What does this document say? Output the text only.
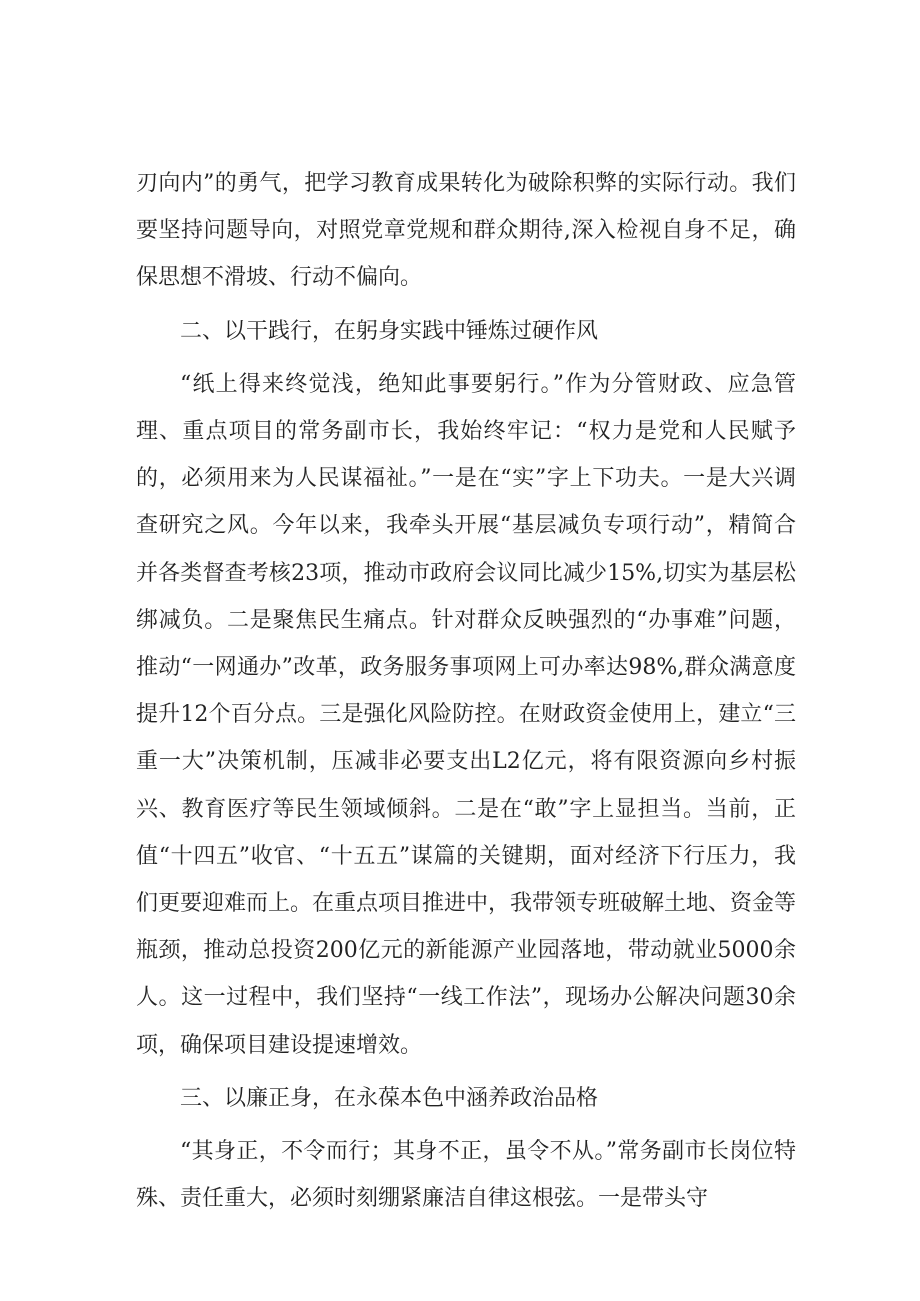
刃向内”的勇气，把学习教育成果转化为破除积弊的实际行动。我们要坚持问题导向，对照党章党规和群众期待,深入检视自身不足，确保思想不滑坡、行动不偏向。

二、以干践行，在躬身实践中锤炼过硬作风

“纸上得来终觉浅，绝知此事要躬行。”作为分管财政、应急管理、重点项目的常务副市长，我始终牢记：“权力是党和人民赋予的，必须用来为人民谋福祉。”一是在“实”字上下功夫。一是大兴调查研究之风。今年以来，我牵头开展“基层减负专项行动”，精简合并各类督查考核23项，推动市政府会议同比减少15%,切实为基层松绑减负。二是聚焦民生痛点。针对群众反映强烈的“办事难”问题，推动“一网通办”改革，政务服务事项网上可办率达98%,群众满意度提升12个百分点。三是强化风险防控。在财政资金使用上，建立“三重一大”决策机制，压减非必要支出L2亿元，将有限资源向乡村振兴、教育医疗等民生领域倾斜。二是在“敢”字上显担当。当前，正值“十四五”收官、“十五五”谋篇的关键期，面对经济下行压力，我们更要迎难而上。在重点项目推进中，我带领专班破解土地、资金等瓶颈，推动总投资200亿元的新能源产业园落地，带动就业5000余人。这一过程中，我们坚持“一线工作法”，现场办公解决问题30余项，确保项目建设提速增效。

三、以廉正身，在永葆本色中涵养政治品格

“其身正，不令而行；其身不正，虽令不从。”常务副市长岗位特殊、责任重大，必须时刻绷紧廉洁自律这根弦。一是带头守
